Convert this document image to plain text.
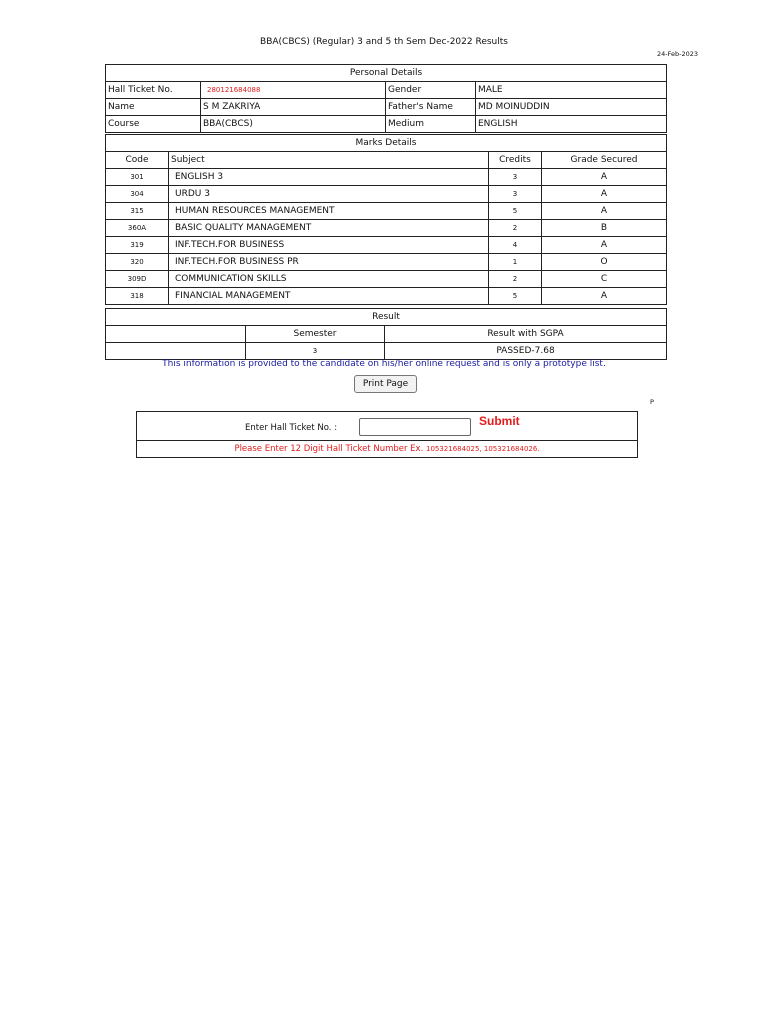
BBA(CBCS) (Regular) 3 and 5 th Sem Dec-2022 Results
24-Feb-2023
Personal Details			
Hall Ticket No.	280121684088	Gender	MALE
Name	S M ZAKRIYA	Father's Name	MD MOINUDDIN
Course	BBA(CBCS)	Medium	ENGLISH
Marks Details			
Code	Subject	Credits	Grade Secured
301	ENGLISH 3	3	A
304	URDU 3	3	A
315	HUMAN RESOURCES MANAGEMENT	5	A
360A	BASIC QUALITY MANAGEMENT	2	B
319	INF.TECH.FOR BUSINESS	4	A
320	INF.TECH.FOR BUSINESS PR	1	O
309D	COMMUNICATION SKILLS	2	C
318	FINANCIAL MANAGEMENT	5	A
Result		
	Semester	Result with SGPA
	3	PASSED-7.68
This information is provided to the candidate on his/her online request and is only a prototype list.
Print Page
P
Enter Hall Ticket No. :	Submit
Please Enter 12 Digit Hall Ticket Number Ex. 105321684025, 105321684026.
